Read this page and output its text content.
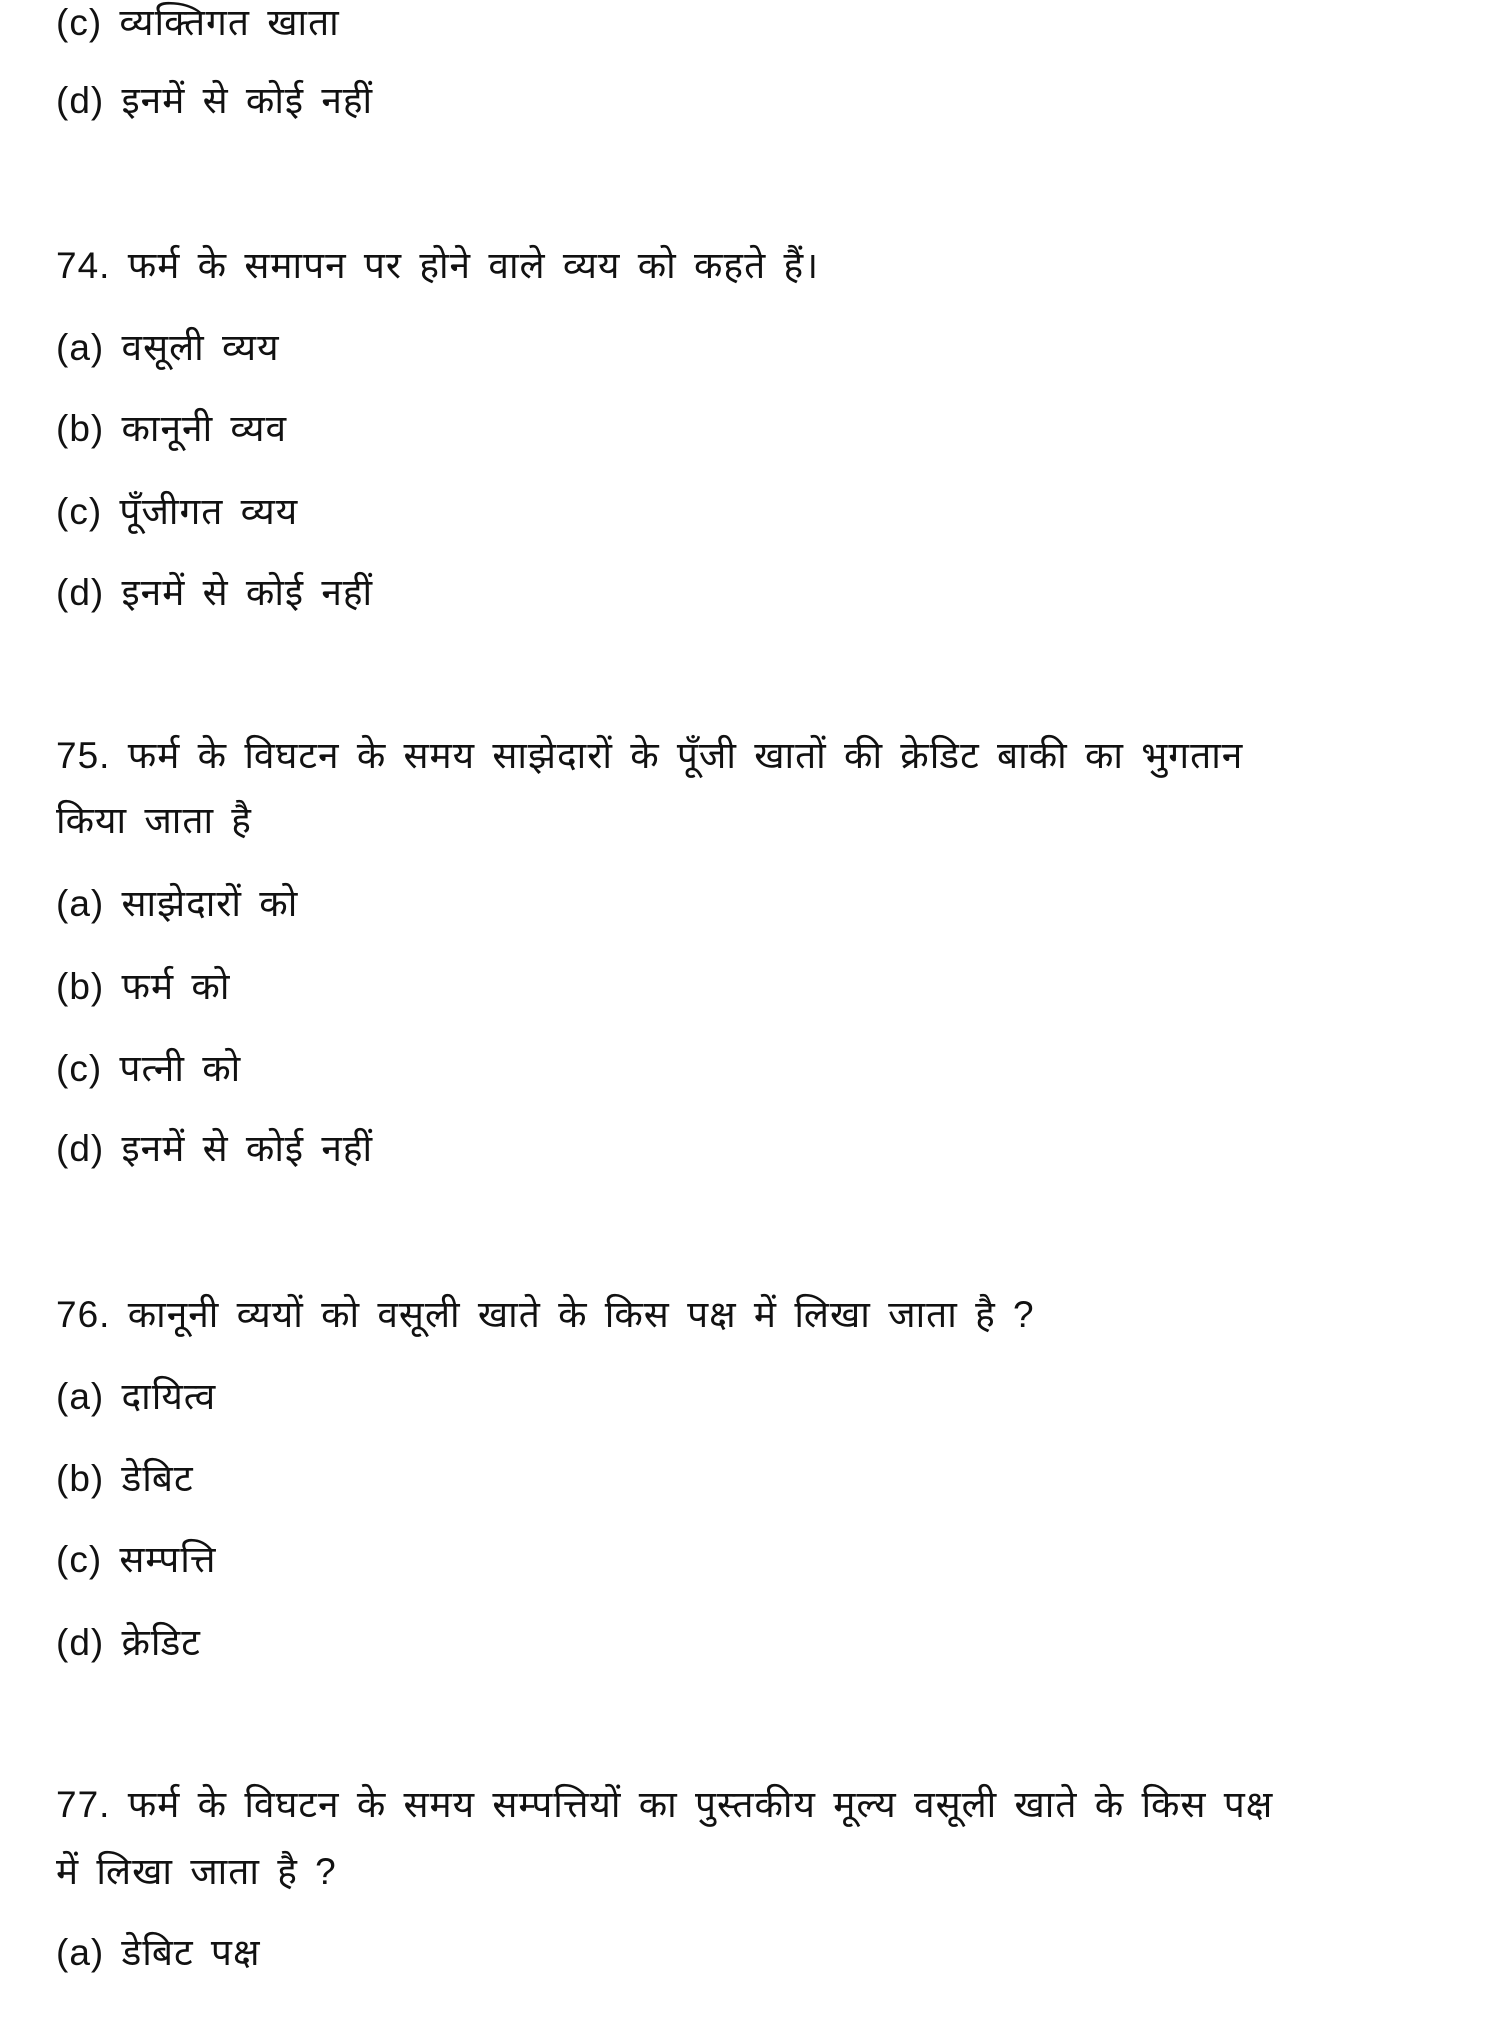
(c) व्यक्तिगत खाता
(d) इनमें से कोई नहीं
74. फर्म के समापन पर होने वाले व्यय को कहते हैं।
(a) वसूली व्यय
(b) कानूनी व्यव
(c) पूँजीगत व्यय
(d) इनमें से कोई नहीं
75. फर्म के विघटन के समय साझेदारों के पूँजी खातों की क्रेडिट बाकी का भुगतान
किया जाता है
(a) साझेदारों को
(b) फर्म को
(c) पत्नी को
(d) इनमें से कोई नहीं
76. कानूनी व्ययों को वसूली खाते के किस पक्ष में लिखा जाता है ?
(a) दायित्व
(b) डेबिट
(c) सम्पत्ति
(d) क्रेडिट
77. फर्म के विघटन के समय सम्पत्तियों का पुस्तकीय मूल्य वसूली खाते के किस पक्ष
में लिखा जाता है ?
(a) डेबिट पक्ष
